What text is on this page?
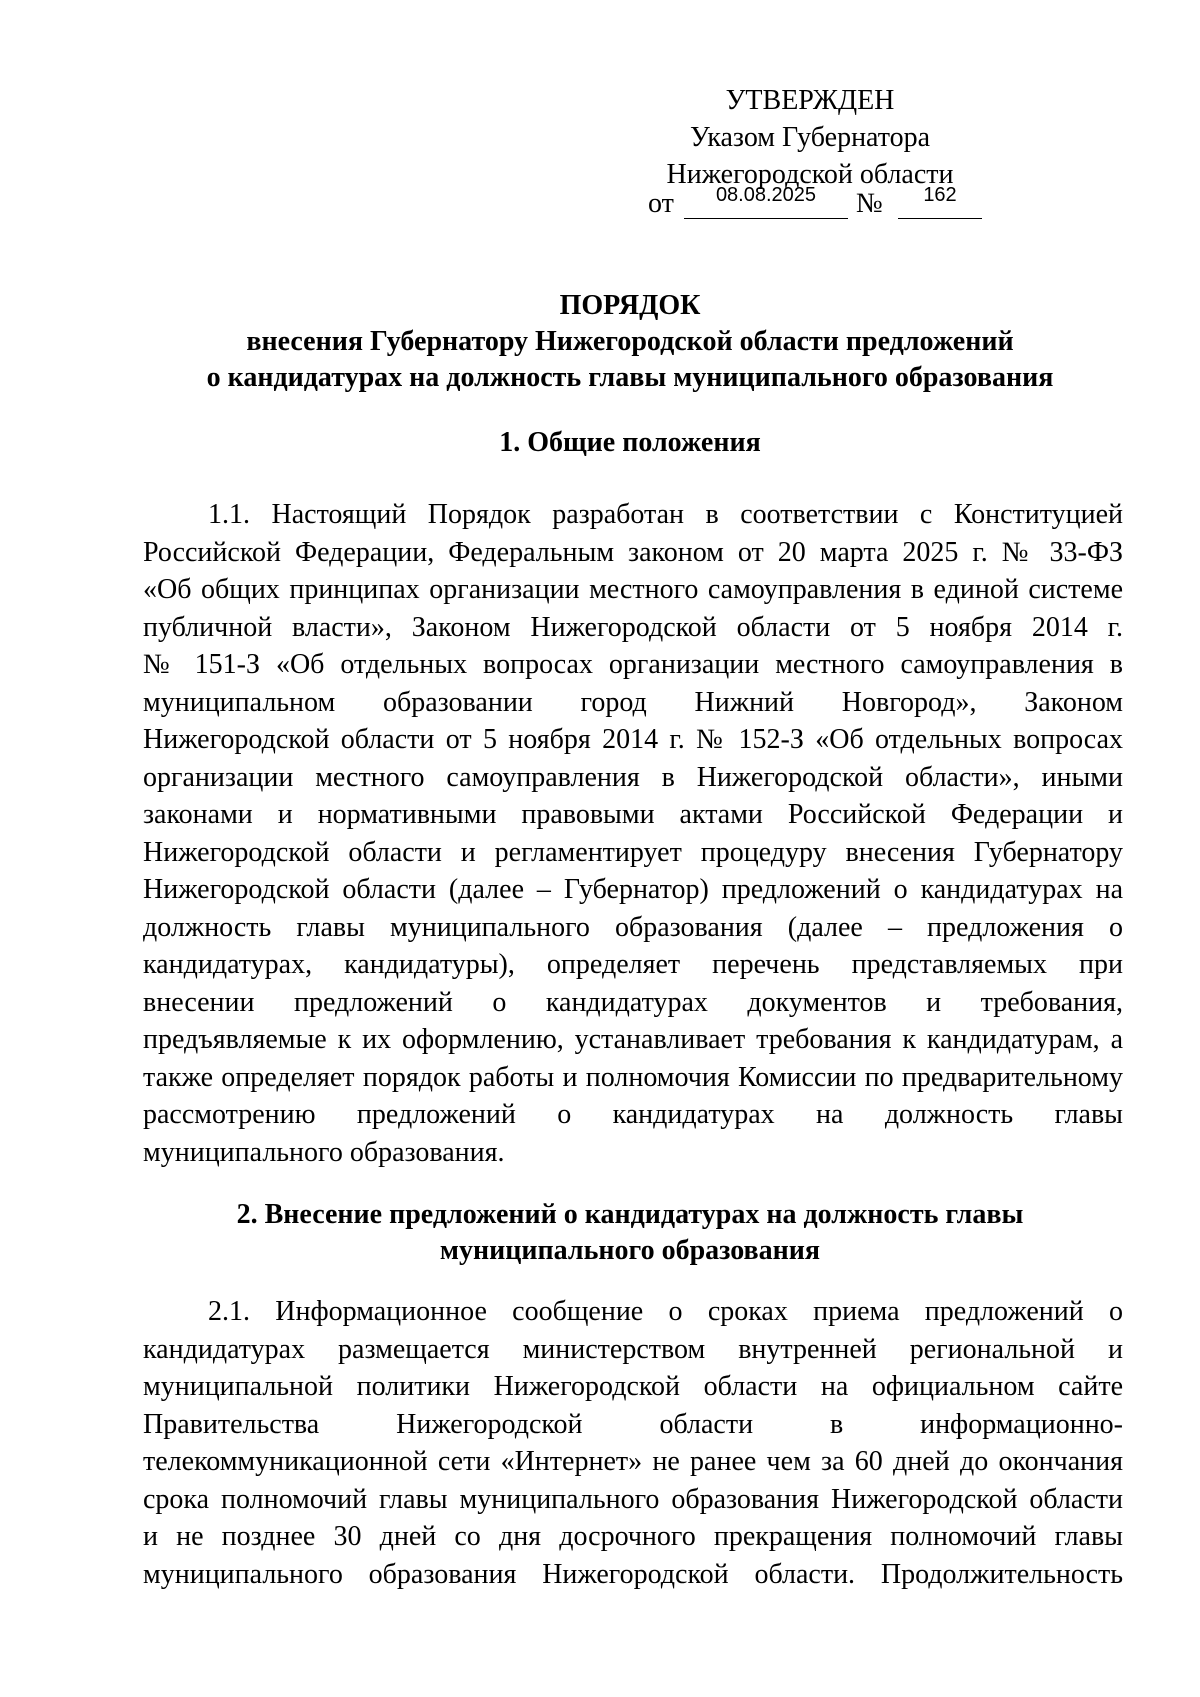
УТВЕРЖДЕН
Указом Губернатора
Нижегородской области
от	08.08.2025	№	162
ПОРЯДОК
внесения Губернатору Нижегородской области предложений
о кандидатурах на должность главы муниципального образования
1. Общие положения
1.1. Настоящий Порядок разработан в соответствии с Конституцией
Российской Федерации, Федеральным законом от 20 марта 2025 г. № 33-ФЗ
«Об общих принципах организации местного самоуправления в единой системе
публичной власти», Законом Нижегородской области от 5 ноября 2014 г.
№ 151-З «Об отдельных вопросах организации местного самоуправления в
муниципальном образовании город Нижний Новгород», Законом
Нижегородской области от 5 ноября 2014 г. № 152-З «Об отдельных вопросах
организации местного самоуправления в Нижегородской области», иными
законами и нормативными правовыми актами Российской Федерации и
Нижегородской области и регламентирует процедуру внесения Губернатору
Нижегородской области (далее – Губернатор) предложений о кандидатурах на
должность главы муниципального образования (далее – предложения о
кандидатурах, кандидатуры), определяет перечень представляемых при
внесении предложений о кандидатурах документов и требования,
предъявляемые к их оформлению, устанавливает требования к кандидатурам, а
также определяет порядок работы и полномочия Комиссии по предварительному
рассмотрению предложений о кандидатурах на должность главы
муниципального образования.
2. Внесение предложений о кандидатурах на должность главы
муниципального образования
2.1. Информационное сообщение о сроках приема предложений о
кандидатурах размещается министерством внутренней региональной и
муниципальной политики Нижегородской области на официальном сайте
Правительства Нижегородской области в информационно-
телекоммуникационной сети «Интернет» не ранее чем за 60 дней до окончания
срока полномочий главы муниципального образования Нижегородской области
и не позднее 30 дней со дня досрочного прекращения полномочий главы
муниципального образования Нижегородской области. Продолжительность
